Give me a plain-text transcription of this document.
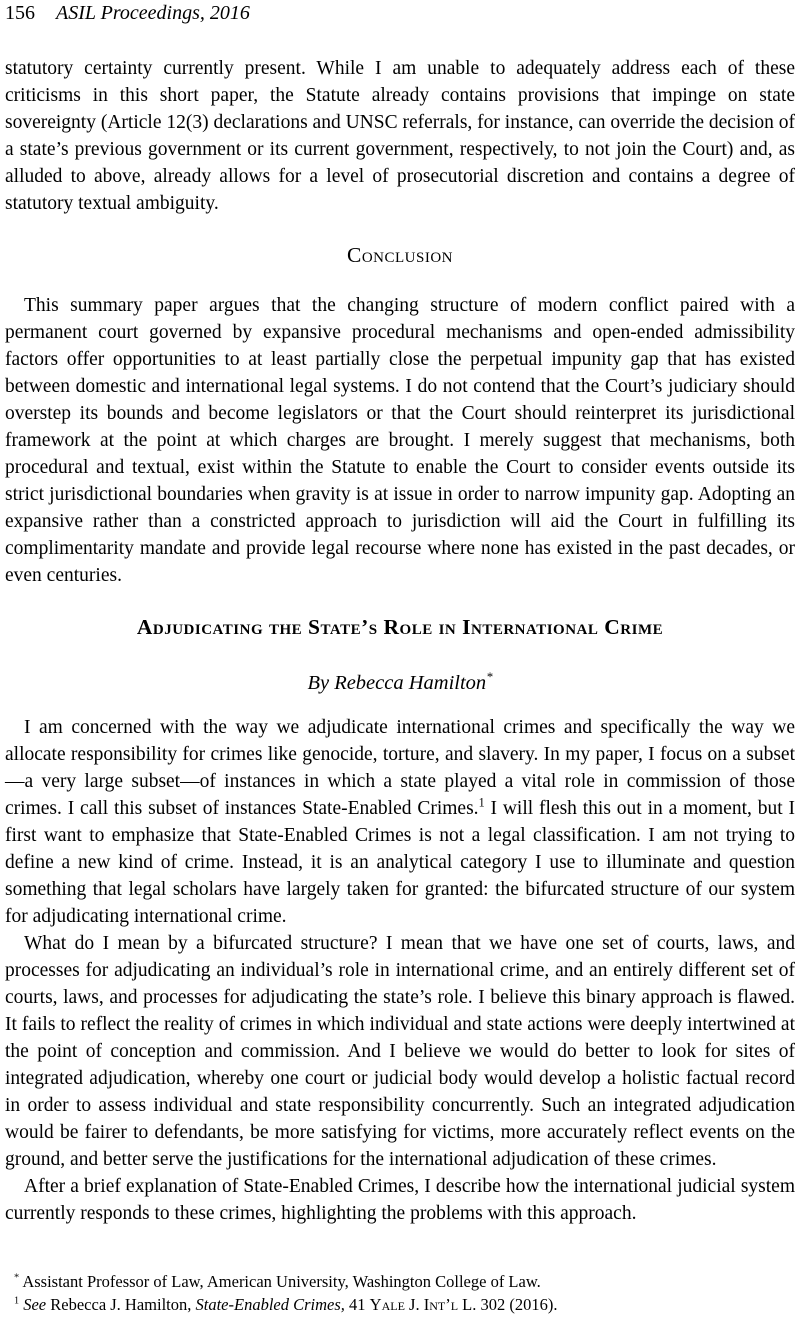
156 ASIL Proceedings, 2016

statutory certainty currently present. While I am unable to adequately address each of these criticisms in this short paper, the Statute already contains provisions that impinge on state sovereignty (Article 12(3) declarations and UNSC referrals, for instance, can override the decision of a state’s previous government or its current government, respectively, to not join the Court) and, as alluded to above, already allows for a level of prosecutorial discretion and contains a degree of statutory textual ambiguity.

Conclusion

This summary paper argues that the changing structure of modern conflict paired with a permanent court governed by expansive procedural mechanisms and open-ended admissibility factors offer opportunities to at least partially close the perpetual impunity gap that has existed between domestic and international legal systems. I do not contend that the Court’s judiciary should overstep its bounds and become legislators or that the Court should reinterpret its jurisdictional framework at the point at which charges are brought. I merely suggest that mechanisms, both procedural and textual, exist within the Statute to enable the Court to consider events outside its strict jurisdictional boundaries when gravity is at issue in order to narrow impunity gap. Adopting an expansive rather than a constricted approach to jurisdiction will aid the Court in fulfilling its complimentarity mandate and provide legal recourse where none has existed in the past decades, or even centuries.

Adjudicating the State’s Role in International Crime

By Rebecca Hamilton*

I am concerned with the way we adjudicate international crimes and specifically the way we allocate responsibility for crimes like genocide, torture, and slavery. In my paper, I focus on a subset—a very large subset—of instances in which a state played a vital role in commission of those crimes. I call this subset of instances State-Enabled Crimes.$^1$ I will flesh this out in a moment, but I first want to emphasize that State-Enabled Crimes is not a legal classification. I am not trying to define a new kind of crime. Instead, it is an analytical category I use to illuminate and question something that legal scholars have largely taken for granted: the bifurcated structure of our system for adjudicating international crime.

What do I mean by a bifurcated structure? I mean that we have one set of courts, laws, and processes for adjudicating an individual’s role in international crime, and an entirely different set of courts, laws, and processes for adjudicating the state’s role. I believe this binary approach is flawed. It fails to reflect the reality of crimes in which individual and state actions were deeply intertwined at the point of conception and commission. And I believe we would do better to look for sites of integrated adjudication, whereby one court or judicial body would develop a holistic factual record in order to assess individual and state responsibility concurrently. Such an integrated adjudication would be fairer to defendants, be more satisfying for victims, more accurately reflect events on the ground, and better serve the justifications for the international adjudication of these crimes.

After a brief explanation of State-Enabled Crimes, I describe how the international judicial system currently responds to these crimes, highlighting the problems with this approach.

* Assistant Professor of Law, American University, Washington College of Law.

$^1$ See Rebecca J. Hamilton, State-Enabled Crimes, 41 Yale J. Int’l L. 302 (2016).
